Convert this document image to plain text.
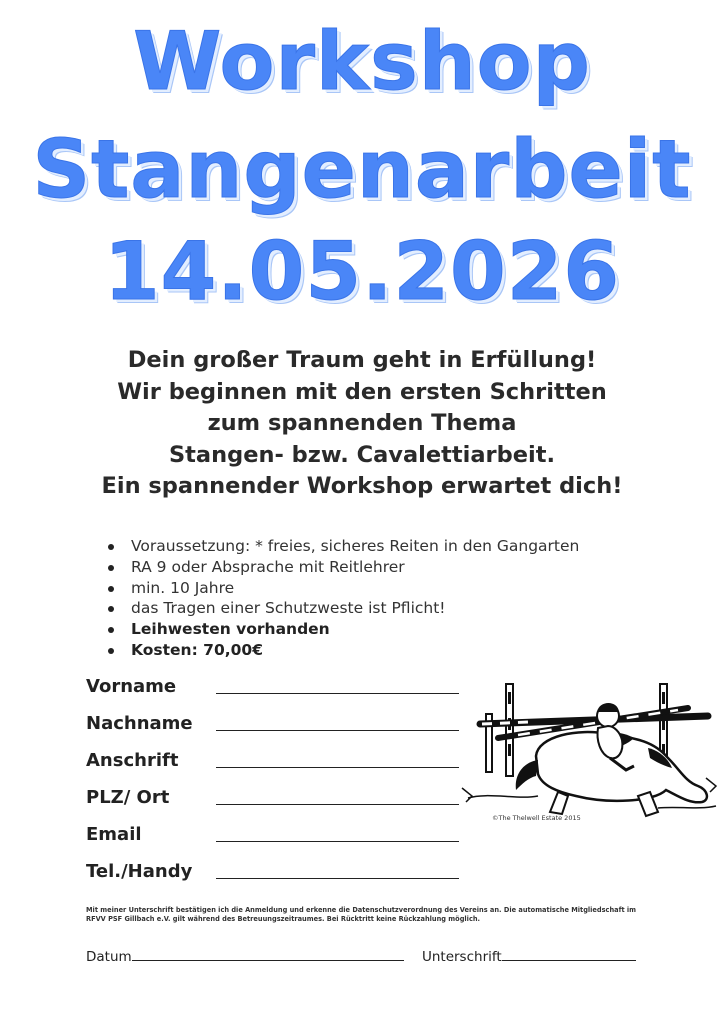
Workshop
Stangenarbeit
14.05.2026
Dein großer Traum geht in Erfüllung!
Wir beginnen mit den ersten Schritten
zum spannenden Thema
Stangen- bzw. Cavalettiarbeit.
Ein spannender Workshop erwartet dich!
Voraussetzung: * freies, sicheres Reiten in den Gangarten
RA 9 oder Absprache mit Reitlehrer
min. 10 Jahre
das Tragen einer Schutzweste ist Pflicht!
Leihwesten vorhanden
Kosten: 70,00€
Vorname
Nachname
Anschrift
PLZ/ Ort
Email
Tel./Handy
©The Thelwell Estate 2015
Mit meiner Unterschrift bestätigen ich die Anmeldung und erkenne die Datenschutzverordnung des Vereins an. Die automatische Mitgliedschaft im RFVV PSF Gillbach e.V. gilt während des Betreuungszeitraumes. Bei Rücktritt keine Rückzahlung möglich.
Datum	Unterschrift
